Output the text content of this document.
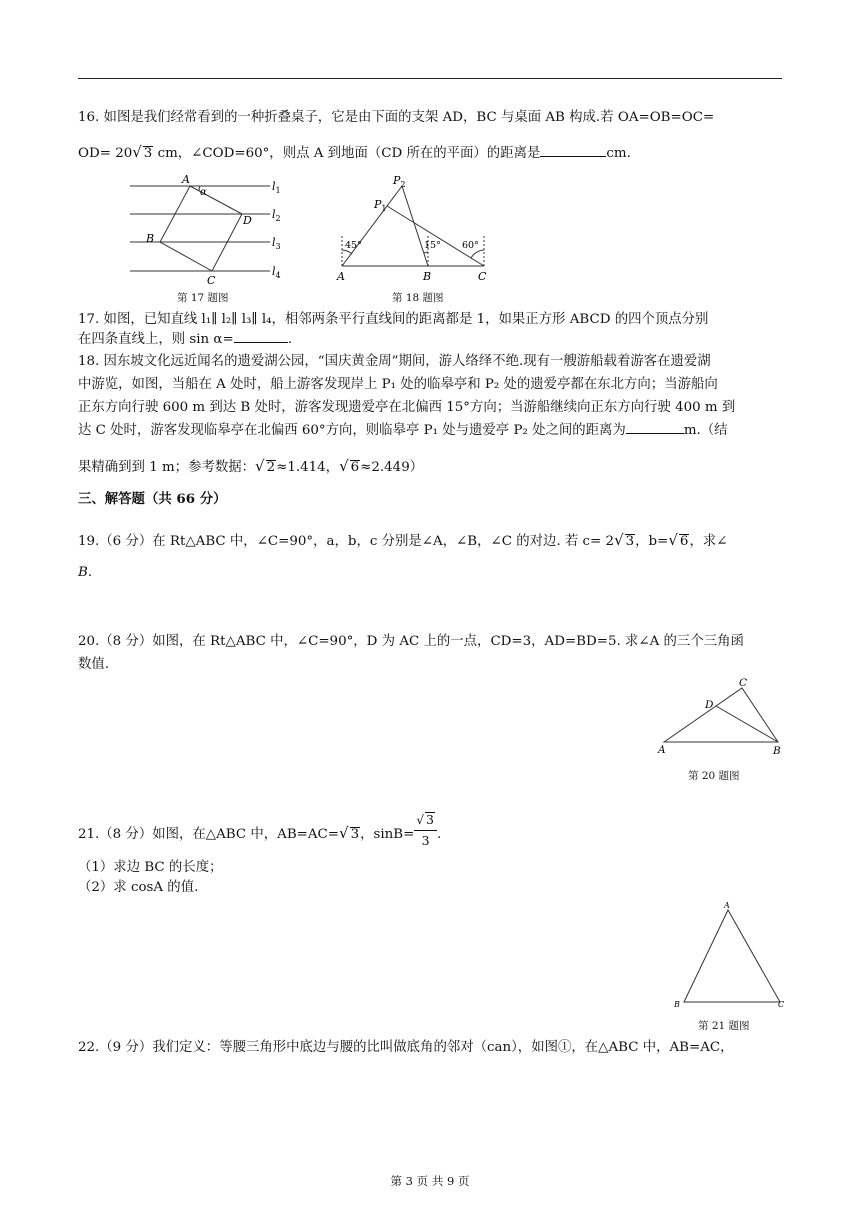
16. 如图是我们经常看到的一种折叠桌子，它是由下面的支架 AD，BC 与桌面 AB 构成.若 OA=OB=OC=
OD= 20√ 3 cm，∠COD=60°，则点 A 到地面（CD 所在的平面）的距离是	cm.
A
α
D
B
C
$l_1$
$l_2$
$l_3$
$l_4$
第 17 题图
$P_2$
$P_1$
45°	15° 60°
A	B	C
第 18 题图
17. 如图，已知直线 l₁∥ l₂∥ l₃∥ l₄，相邻两条平行直线间的距离都是 1，如果正方形 ABCD 的四个顶点分别
在四条直线上，则 sin α=	.
18. 因东坡文化远近闻名的遗爱湖公园，“国庆黄金周”期间，游人络绎不绝.现有一艘游船载着游客在遗爱湖
中游览，如图，当船在 A 处时，船上游客发现岸上 P₁ 处的临皋亭和 P₂ 处的遗爱亭都在东北方向；当游船向
正东方向行驶 600 m 到达 B 处时，游客发现遗爱亭在北偏西 15°方向；当游船继续向正东方向行驶 400 m 到
达 C 处时，游客发现临皋亭在北偏西 60°方向，则临皋亭 P₁ 处与遗爱亭 P₂ 处之间的距离为	m.（结
果精确到到 1 m；参考数据：√ 2≈1.414，√ 6≈2.449）
三、解答题（共 66 分）
19.（6 分）在 Rt△ABC 中，∠C=90°，a，b，c 分别是∠A，∠B，∠C 的对边. 若 c= 2√ 3，b=√ 6，求∠
B.
20.（8 分）如图，在 Rt△ABC 中，∠C=90°，D 为 AC 上的一点，CD=3，AD=BD=5. 求∠A 的三个三角函
数值.
C
D
A	B
第 20 题图
21.（8 分）如图，在△ABC 中，AB=AC=√ 3，$\sin B= \frac{√ 3}{3}$ .
（1）求边 BC 的长度；
（2）求 cosA 的值.
A
B	C
第 21 题图
22.（9 分）我们定义：等腰三角形中底边与腰的比叫做底角的邻对（can），如图①，在△ABC 中，AB=AC，
第 3 页 共 9 页
